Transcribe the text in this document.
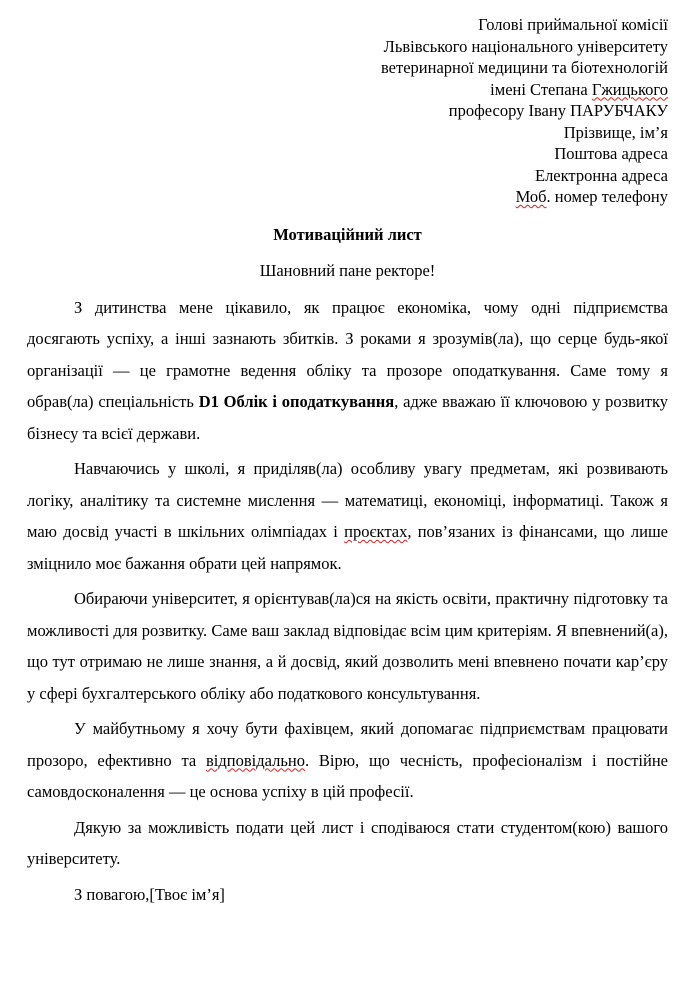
Голові приймальної комісії
Львівського національного університету
ветеринарної медицини та біотехнологій
імені Степана Гжицького
професору Івану ПАРУБЧАКУ
Прізвище, ім’я
Поштова адреса
Електронна адреса
Моб. номер телефону
Мотиваційний лист
Шановний пане ректоре!

З дитинства мене цікавило, як працює економіка, чому одні підприємства досягають успіху, а інші зазнають збитків. З роками я зрозумів(ла), що серце будь-якої організації — це грамотне ведення обліку та прозоре оподаткування. Саме тому я обрав(ла) спеціальність D1 Облік і оподаткування, адже вважаю її ключовою у розвитку бізнесу та всієї держави.

Навчаючись у школі, я приділяв(ла) особливу увагу предметам, які розвивають логіку, аналітику та системне мислення — математиці, економіці, інформатиці. Також я маю досвід участі в шкільних олімпіадах і проєктах, пов’язаних із фінансами, що лише зміцнило моє бажання обрати цей напрямок.

Обираючи університет, я орієнтував(ла)ся на якість освіти, практичну підготовку та можливості для розвитку. Саме ваш заклад відповідає всім цим критеріям. Я впевнений(а), що тут отримаю не лише знання, а й досвід, який дозволить мені впевнено почати кар’єру у сфері бухгалтерського обліку або податкового консультування.

У майбутньому я хочу бути фахівцем, який допомагає підприємствам працювати прозоро, ефективно та відповідально. Вірю, що чесність, професіоналізм і постійне самовдосконалення — це основа успіху в цій професії.

Дякую за можливість подати цей лист і сподіваюся стати студентом(кою) вашого університету.

З повагою,[Твоє ім’я]
